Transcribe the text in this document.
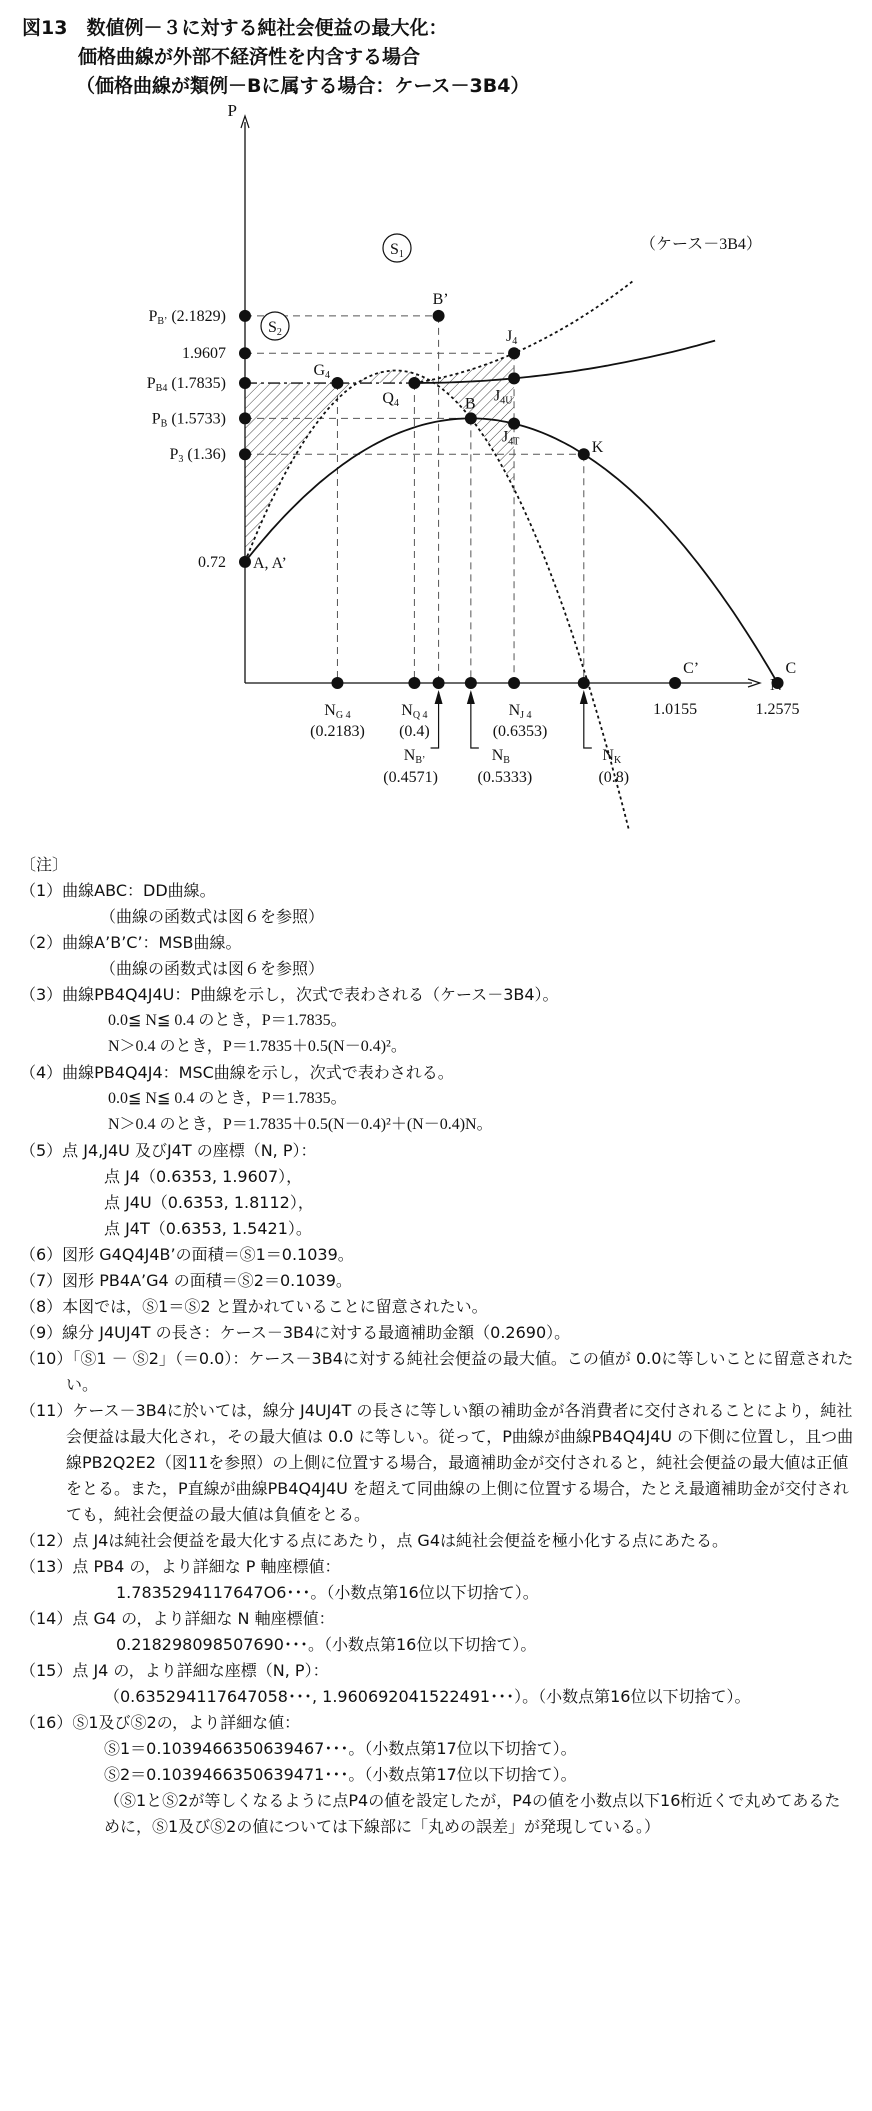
図13　数値例－３に対する純社会便益の最大化：
価格曲線が外部不経済性を内含する場合
（価格曲線が類例－Bに属する場合：ケース－3B4）
S1
S2
P
N
PB’ (2.1829)
1.9607
PB4 (1.7835)
PB (1.5733)
P3 (1.36)
0.72
B’
J4
G4
Q4	J4U
B
J4T	K
A, A’
C’	C
（ケース－3B4）
NG 4
(0.2183)
NQ 4
(0.4)
NJ 4
(0.6353)
1.0155	1.2575
NB’
(0.4571)
NB
(0.5333)
NK
(0.8)
〔注〕
（1）曲線ABC：DD曲線。
（曲線の函数式は図６を参照）
（2）曲線A’B’C’：MSB曲線。
（曲線の函数式は図６を参照）
（3）曲線PB4Q4J4U：P曲線を示し，次式で表わされる（ケース－3B4）。
0.0≦ N≦ 0.4 のとき，P＝1.7835。
N＞0.4 のとき，P＝1.7835＋0.5(N－0.4)²。
（4）曲線PB4Q4J4：MSC曲線を示し，次式で表わされる。
0.0≦ N≦ 0.4 のとき，P＝1.7835。
N＞0.4 のとき，P＝1.7835＋0.5(N－0.4)²＋(N－0.4)N。
（5）点 J4,J4U 及びJ4T の座標（N, P）：
点 J4（0.6353, 1.9607），
点 J4U（0.6353, 1.8112），
点 J4T（0.6353, 1.5421）。
（6）図形 G4Q4J4B’の面積＝Ⓢ1＝0.1039。
（7）図形 PB4A’G4 の面積＝Ⓢ2＝0.1039。
（8）本図では，Ⓢ1＝Ⓢ2 と置かれていることに留意されたい。
（9）線分 J4UJ4T の長さ：ケース－3B4に対する最適補助金額（0.2690）。
（10）「Ⓢ1 － Ⓢ2」（＝0.0）：ケース－3B4に対する純社会便益の最大値。この値が 0.0に等しいことに留意されたい。
（11）ケース－3B4に於いては，線分 J4UJ4T の長さに等しい額の補助金が各消費者に交付されることにより，純社会便益は最大化され，その最大値は 0.0 に等しい。従って，P曲線が曲線PB4Q4J4U の下側に位置し，且つ曲線PB2Q2E2（図11を参照）の上側に位置する場合，最適補助金が交付されると，純社会便益の最大値は正値をとる。また，P直線が曲線PB4Q4J4U を超えて同曲線の上側に位置する場合，たとえ最適補助金が交付されても，純社会便益の最大値は負値をとる。
（12）点 J4は純社会便益を最大化する点にあたり，点 G4は純社会便益を極小化する点にあたる。
（13）点 PB4 の，より詳細な P 軸座標値：
1.7835294117647O6･･･。（小数点第16位以下切捨て）。
（14）点 G4 の，より詳細な N 軸座標値：
0.218298098507690･･･。（小数点第16位以下切捨て）。
（15）点 J4 の，より詳細な座標（N, P）：
（0.635294117647058･･･, 1.960692041522491･･･）。（小数点第16位以下切捨て）。
（16）Ⓢ1及びⓈ2の，より詳細な値：
Ⓢ1＝0.1039466350639467･･･。（小数点第17位以下切捨て）。
Ⓢ2＝0.1039466350639471･･･。（小数点第17位以下切捨て）。
（Ⓢ1とⓈ2が等しくなるように点P4の値を設定したが，P4の値を小数点以下16桁近くで丸めてあるために，Ⓢ1及びⓈ2の値については下線部に「丸めの誤差」が発現している。）
